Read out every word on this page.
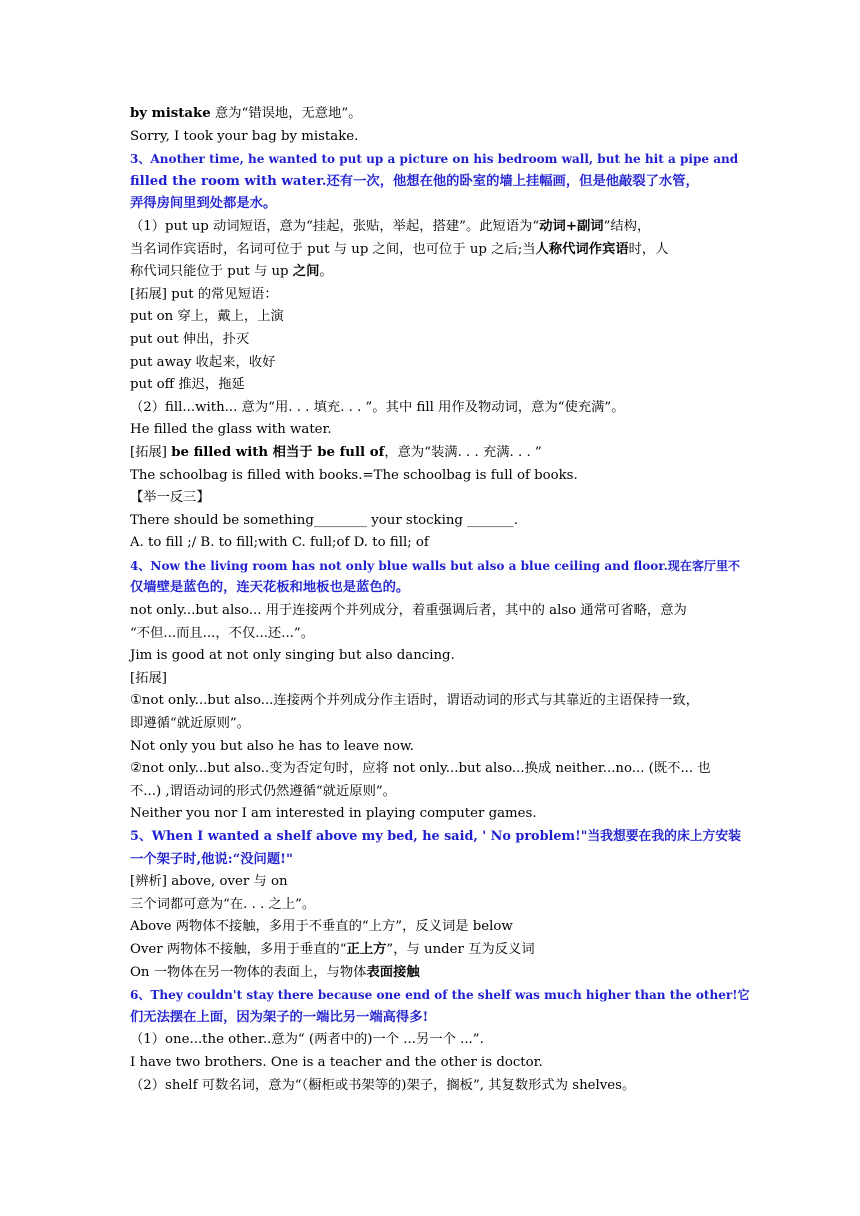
by mistake 意为“错误地，无意地”。
Sorry, I took your bag by mistake.
3、Another time, he wanted to put up a picture on his bedroom wall, but he hit a pipe and
filled the room with water.还有一次，他想在他的卧室的墙上挂幅画，但是他敲裂了水管，
弄得房间里到处都是水。
（1）put up 动词短语，意为“挂起，张贴，举起，搭建”。此短语为“动词+副词”结构，
当名词作宾语时，名词可位于 put 与 up 之间，也可位于 up 之后;当人称代词作宾语时，人
称代词只能位于 put 与 up 之间。
[拓展] put 的常见短语：
put on 穿上，戴上，上演
put out 伸出，扑灭
put away 收起来，收好
put off 推迟，拖延
（2）fill...with... 意为“用. . . 填充. . . ”。其中 fill 用作及物动词，意为“使充满”。
He filled the glass with water.
[拓展] be filled with 相当于 be full of，意为“装满. . . 充满. . . ”
The schoolbag is filled with books.=The schoolbag is full of books.
【举一反三】
There should be something________ your stocking _______.
A. to fill ;/ B. to fill;with C. full;of D. to fill; of
4、Now the living room has not only blue walls but also a blue ceiling and floor.现在客厅里不
仅墙壁是蓝色的，连天花板和地板也是蓝色的。
not only...but also... 用于连接两个并列成分，着重强调后者，其中的 also 通常可省略，意为
“不但...而且...，不仅...还...”。
Jim is good at not only singing but also dancing.
[拓展]
①not only...but also...连接两个并列成分作主语时，谓语动词的形式与其靠近的主语保持一致，
即遵循“就近原则”。
Not only you but also he has to leave now.
②not only...but also..变为否定句时，应将 not only...but also...换成 neither...no... (既不... 也
不...) ,谓语动词的形式仍然遵循“就近原则”。
Neither you nor I am interested in playing computer games.
5、When I wanted a shelf above my bed, he said, ' No problem!"当我想要在我的床上方安装
一个架子时,他说:“没问题!"
[辨析] above, over 与 on
三个词都可意为“在. . . 之上”。
Above 两物体不接触，多用于不垂直的“上方”，反义词是 below
Over 两物体不接触，多用于垂直的“正上方”，与 under 互为反义词
On 一物体在另一物体的表面上，与物体表面接触
6、They couldn't stay there because one end of the shelf was much higher than the other!它
们无法摆在上面，因为架子的一端比另一端高得多!
（1）one...the other..意为“ (两者中的)一个 ...另一个 ...”.
I have two brothers. One is a teacher and the other is doctor.
（2）shelf 可数名词，意为“（橱柜或书架等的)架子，搁板”, 其复数形式为 shelves。
